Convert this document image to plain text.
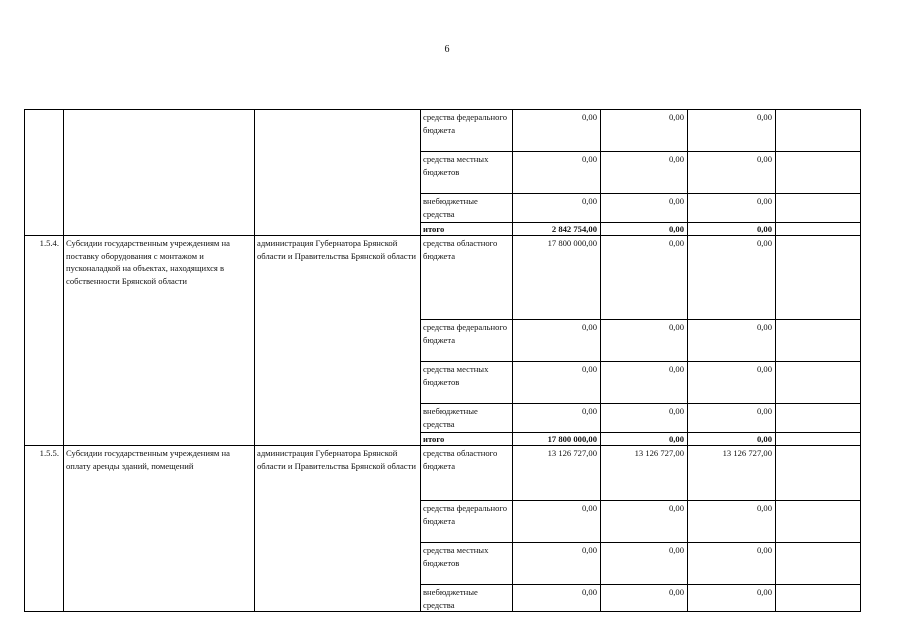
6
			средства федерального бюджета	0,00	0,00	0,00	
			средства местных бюджетов	0,00	0,00	0,00	
			внебюджетные средства	0,00	0,00	0,00	
			итого	2 842 754,00	0,00	0,00	
1.5.4.	Субсидии государственным учреждениям на поставку оборудования с монтажом и пусконаладкой на объектах, находящихся в собственности Брянской области	администрация Губернатора Брянской области и Правительства Брянской области	средства областного бюджета	17 800 000,00	0,00	0,00	
			средства федерального бюджета	0,00	0,00	0,00	
			средства местных бюджетов	0,00	0,00	0,00	
			внебюджетные средства	0,00	0,00	0,00	
			итого	17 800 000,00	0,00	0,00	
1.5.5.	Субсидии государственным учреждениям на оплату аренды зданий, помещений	администрация Губернатора Брянской области и Правительства Брянской области	средства областного бюджета	13 126 727,00	13 126 727,00	13 126 727,00	
			средства федерального бюджета	0,00	0,00	0,00	
			средства местных бюджетов	0,00	0,00	0,00	
			внебюджетные средства	0,00	0,00	0,00	
